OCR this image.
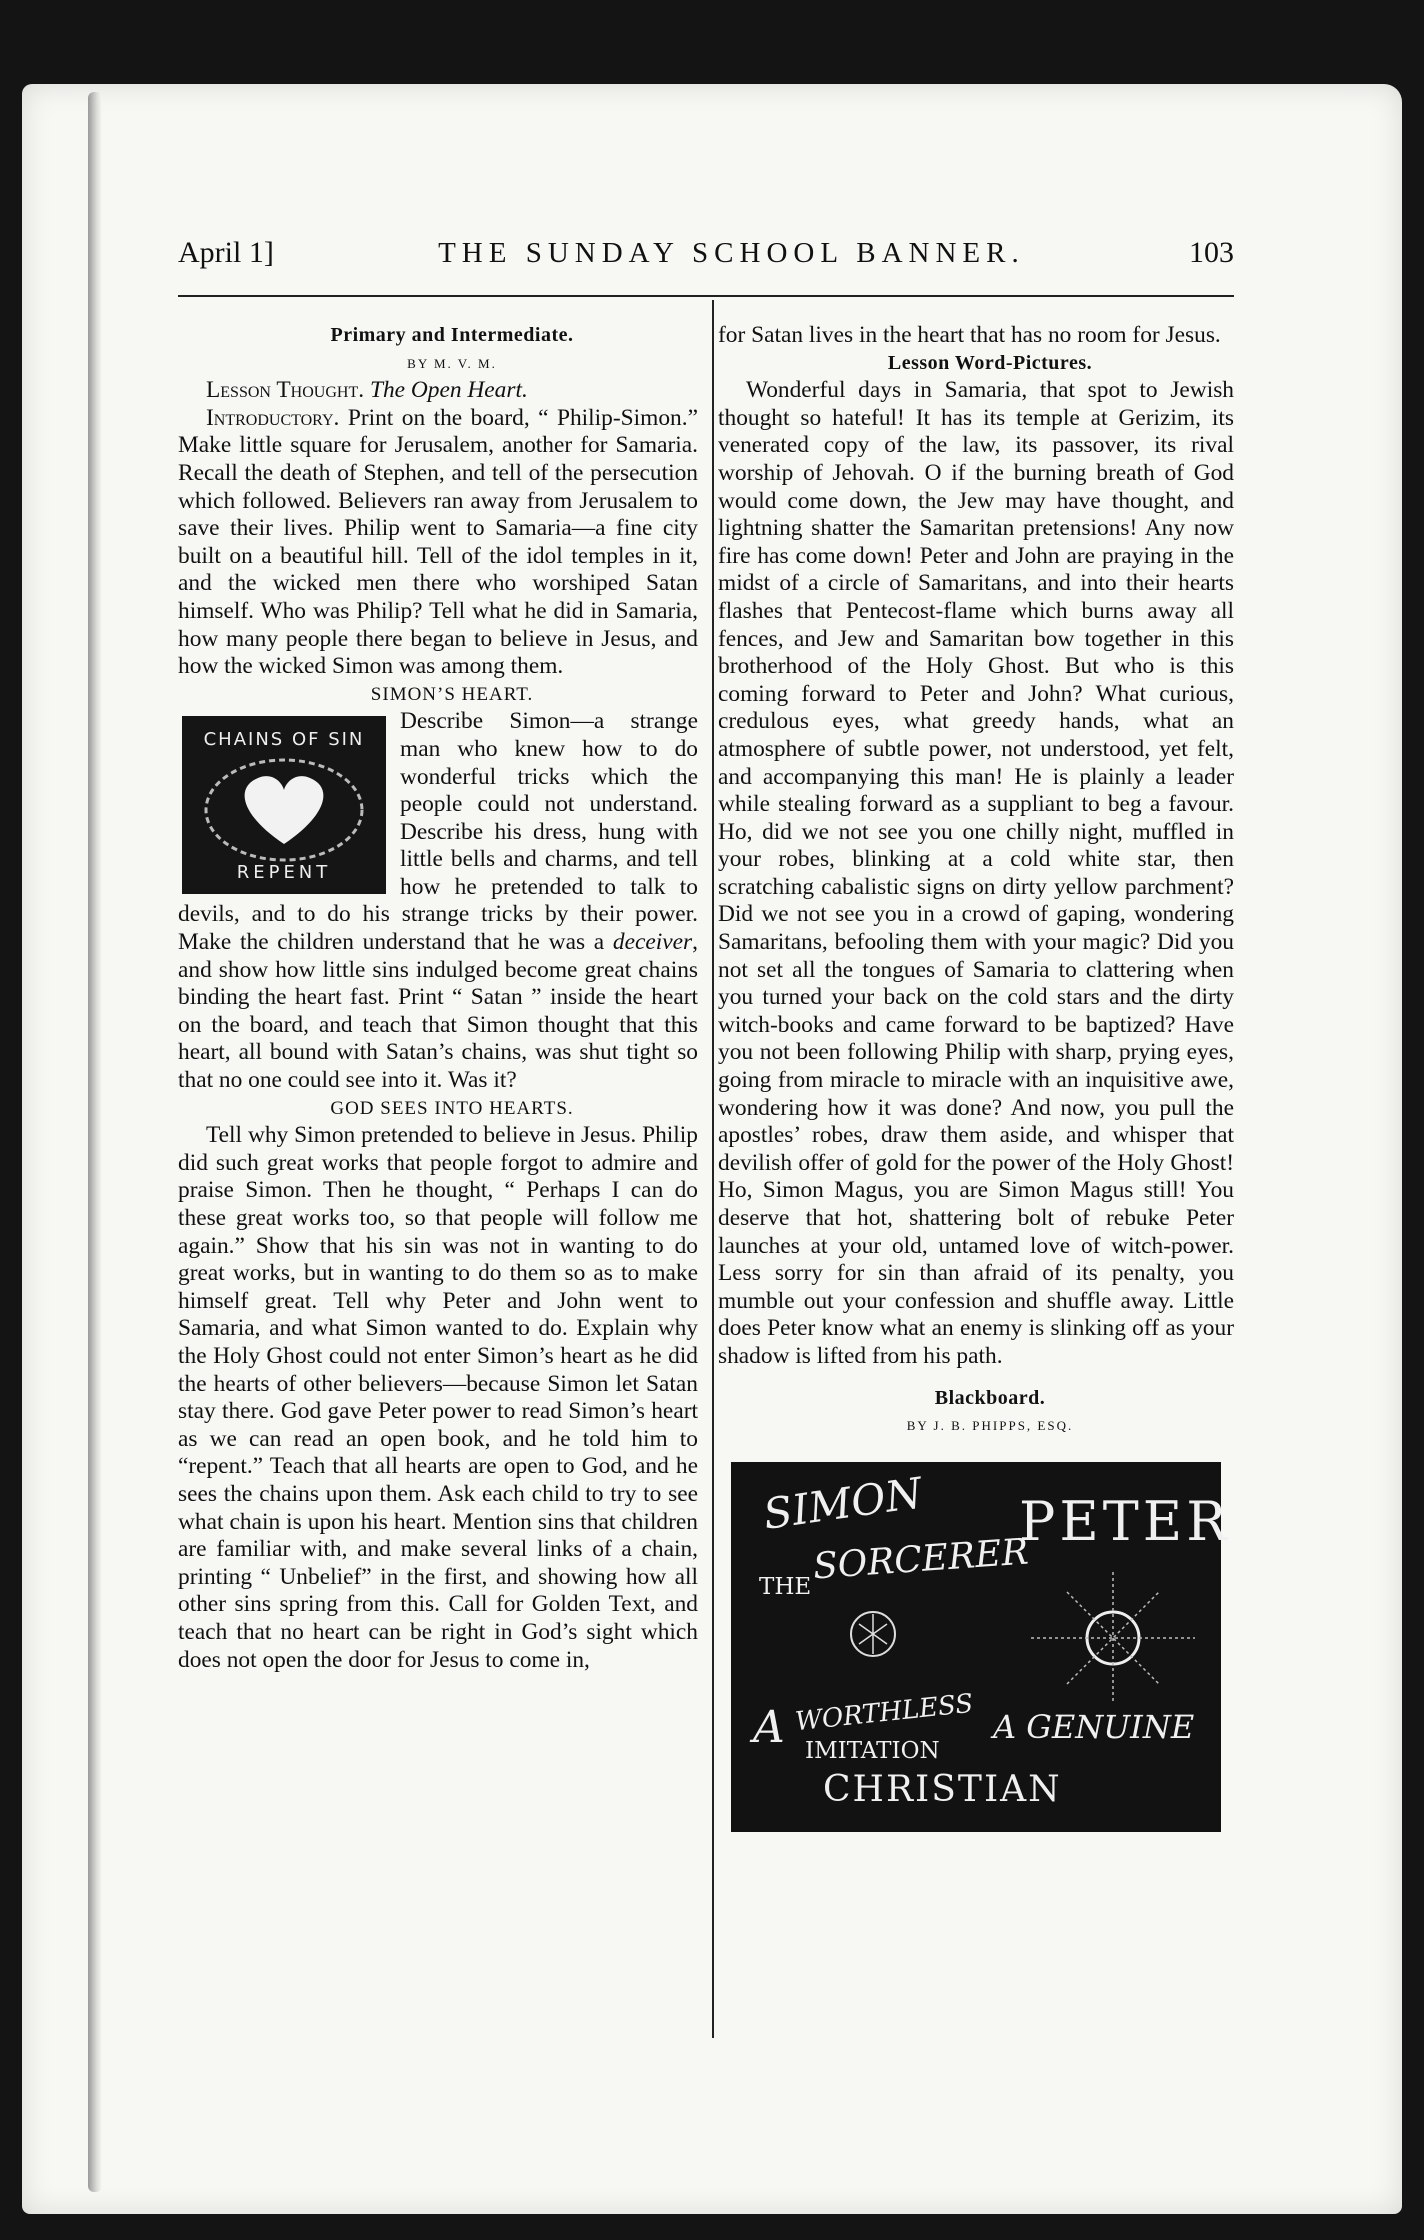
April 1]	THE SUNDAY SCHOOL BANNER.	103

Primary and Intermediate.

BY M. V. M.

Lesson Thought. The Open Heart.

Introductory. Print on the board, “ Philip-Simon.” Make little square for Jerusalem, another for Samaria. Recall the death of Stephen, and tell of the persecution which followed. Believers ran away from Jerusalem to save their lives. Philip went to Samaria—a fine city built on a beautiful hill. Tell of the idol temples in it, and the wicked men there who worshiped Satan himself. Who was Philip? Tell what he did in Samaria, how many people there began to believe in Jesus, and how the wicked Simon was among them.

SIMON’S HEART.

CHAINS OF SIN
REPENT

Describe Simon—a strange man who knew how to do wonderful tricks which the people could not understand. Describe his dress, hung with little bells and charms, and tell how he pretended to talk to devils, and to do his strange tricks by their power. Make the children understand that he was a deceiver, and show how little sins indulged become great chains binding the heart fast. Print “ Satan ” inside the heart on the board, and teach that Simon thought that this heart, all bound with Satan’s chains, was shut tight so that no one could see into it. Was it?

GOD SEES INTO HEARTS.

Tell why Simon pretended to believe in Jesus. Philip did such great works that people forgot to admire and praise Simon. Then he thought, “ Perhaps I can do these great works too, so that people will follow me again.” Show that his sin was not in wanting to do great works, but in wanting to do them so as to make himself great. Tell why Peter and John went to Samaria, and what Simon wanted to do. Explain why the Holy Ghost could not enter Simon’s heart as he did the hearts of other believers—because Simon let Satan stay there. God gave Peter power to read Simon’s heart as we can read an open book, and he told him to “repent.” Teach that all hearts are open to God, and he sees the chains upon them. Ask each child to try to see what chain is upon his heart. Mention sins that children are familiar with, and make several links of a chain, printing “ Unbelief” in the first, and showing how all other sins spring from this. Call for Golden Text, and teach that no heart can be right in God’s sight which does not open the door for Jesus to come in,

for Satan lives in the heart that has no room for Jesus.

Lesson Word-Pictures.

Wonderful days in Samaria, that spot to Jewish thought so hateful! It has its temple at Gerizim, its venerated copy of the law, its passover, its rival worship of Jehovah. O if the burning breath of God would come down, the Jew may have thought, and lightning shatter the Samaritan pretensions! Any now fire has come down! Peter and John are praying in the midst of a circle of Samaritans, and into their hearts flashes that Pentecost-flame which burns away all fences, and Jew and Samaritan bow together in this brotherhood of the Holy Ghost. But who is this coming forward to Peter and John? What curious, credulous eyes, what greedy hands, what an atmosphere of subtle power, not understood, yet felt, and accompanying this man! He is plainly a leader while stealing forward as a suppliant to beg a favour. Ho, did we not see you one chilly night, muffled in your robes, blinking at a cold white star, then scratching cabalistic signs on dirty yellow parchment? Did we not see you in a crowd of gaping, wondering Samaritans, befooling them with your magic? Did you not set all the tongues of Samaria to clattering when you turned your back on the cold stars and the dirty witch-books and came forward to be baptized? Have you not been following Philip with sharp, prying eyes, going from miracle to miracle with an inquisitive awe, wondering how it was done? And now, you pull the apostles’ robes, draw them aside, and whisper that devilish offer of gold for the power of the Holy Ghost! Ho, Simon Magus, you are Simon Magus still! You deserve that hot, shattering bolt of rebuke Peter launches at your old, untamed love of witch-power. Less sorry for sin than afraid of its penalty, you mumble out your confession and shuffle away. Little does Peter know what an enemy is slinking off as your shadow is lifted from his path.

Blackboard.

BY J. B. PHIPPS, ESQ.

SIMON
THE SORCERER
PETER
A WORTHLESS
IMITATION
A GENUINE
CHRISTIAN
